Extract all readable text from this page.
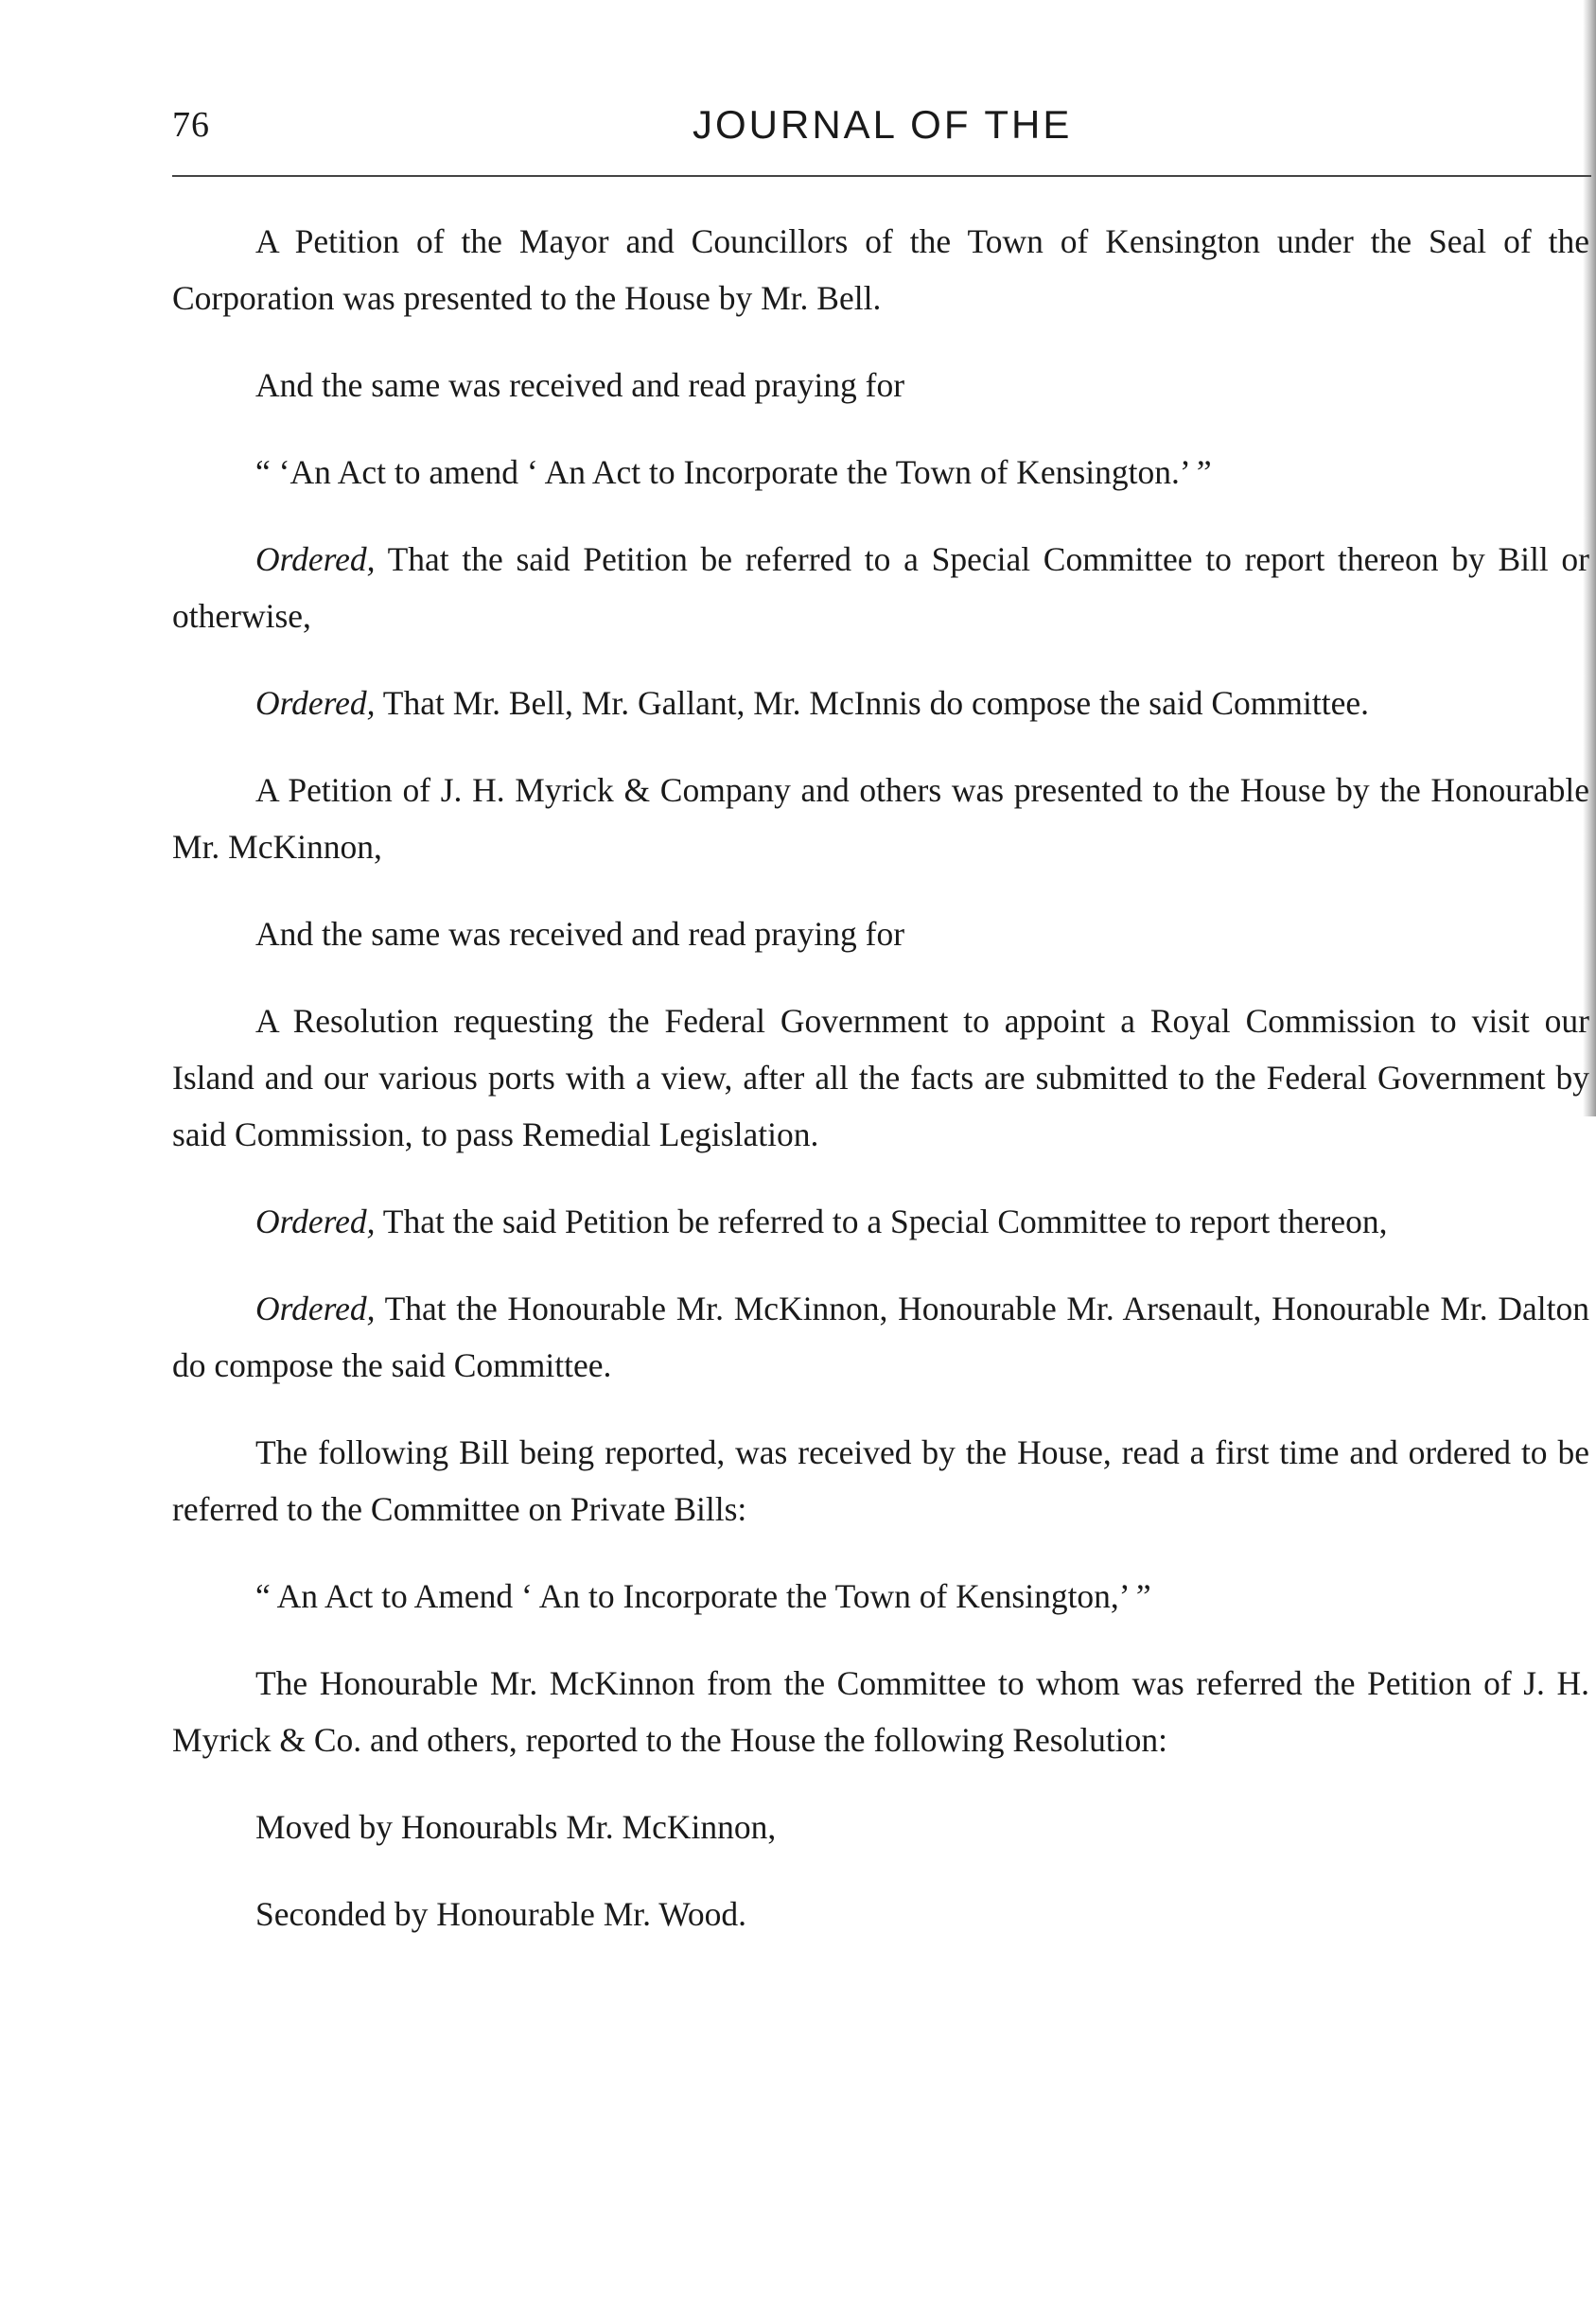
76	JOURNAL OF THE

A Petition of the Mayor and Councillors of the Town of Kensington under the Seal of the Corporation was presented to the House by Mr. Bell.

And the same was received and read praying for

“ ‘An Act to amend ‘ An Act to Incorporate the Town of Kensington.’ ”

Ordered, That the said Petition be referred to a Special Committee to report thereon by Bill or otherwise,

Ordered, That Mr. Bell, Mr. Gallant, Mr. McInnis do compose the said Committee.

A Petition of J. H. Myrick & Company and others was presented to the House by the Honourable Mr. McKinnon,

And the same was received and read praying for

A Resolution requesting the Federal Government to appoint a Royal Commission to visit our Island and our various ports with a view, after all the facts are submitted to the Federal Government by said Commission, to pass Remedial Legislation.

Ordered, That the said Petition be referred to a Special Committee to report thereon,

Ordered, That the Honourable Mr. McKinnon, Honourable Mr. Arsenault, Honourable Mr. Dalton do compose the said Committee.

The following Bill being reported, was received by the House, read a first time and ordered to be referred to the Committee on Private Bills:

“ An Act to Amend ‘ An to Incorporate the Town of Kensington,’ ”

The Honourable Mr. McKinnon from the Committee to whom was referred the Petition of J. H. Myrick & Co. and others, reported to the House the following Resolution:

Moved by Honourabls Mr. McKinnon,

Seconded by Honourable Mr. Wood.
